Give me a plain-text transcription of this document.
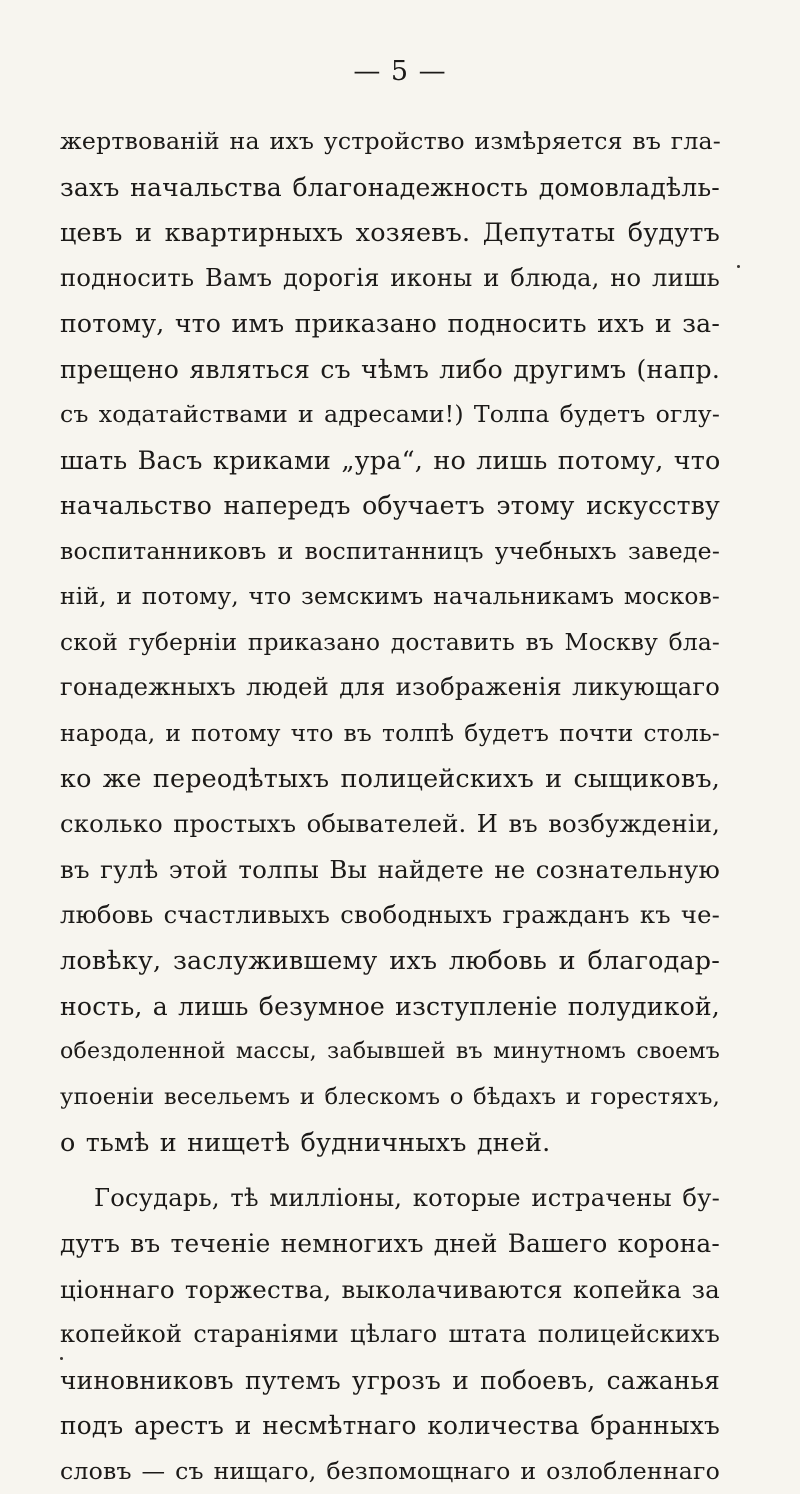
— 5 —
жертвованій на ихъ устройство измѣряется въ гла-
захъ начальства благонадежность домовладѣль-
цевъ и квартирныхъ хозяевъ. Депутаты будутъ
подносить Вамъ дорогія иконы и блюда, но лишь
потому, что имъ приказано подносить ихъ и за-
прещено являться съ чѣмъ либо другимъ (напр.
съ ходатайствами и адресами!) Толпа будетъ оглу-
шать Васъ криками „ура“, но лишь потому, что
начальство напередъ обучаетъ этому искусству
воспитанниковъ и воспитанницъ учебныхъ заведе-
ній, и потому, что земскимъ начальникамъ москов-
ской губерніи приказано доставить въ Москву бла-
гонадежныхъ людей для изображенія ликующаго
народа, и потому что въ толпѣ будетъ почти столь-
ко же переодѣтыхъ полицейскихъ и сыщиковъ,
сколько простыхъ обывателей. И въ возбужденіи,
въ гулѣ этой толпы Вы найдете не сознательную
любовь счастливыхъ свободныхъ гражданъ къ че-
ловѣку, заслужившему ихъ любовь и благодар-
ность, а лишь безумное изступленіе полудикой,
обездоленной массы, забывшей въ минутномъ своемъ
упоеніи весельемъ и блескомъ о бѣдахъ и горестяхъ,
о тьмѣ и нищетѣ будничныхъ дней.
Государь, тѣ милліоны, которые истрачены бу-
дутъ въ теченіе немногихъ дней Вашего корона-
ціоннаго торжества, выколачиваются копейка за
копейкой стараніями цѣлаго штата полицейскихъ
чиновниковъ путемъ угрозъ и побоевъ, сажанья
подъ арестъ и несмѣтнаго количества бранныхъ
словъ — съ нищаго, безпомощнаго и озлобленнаго
